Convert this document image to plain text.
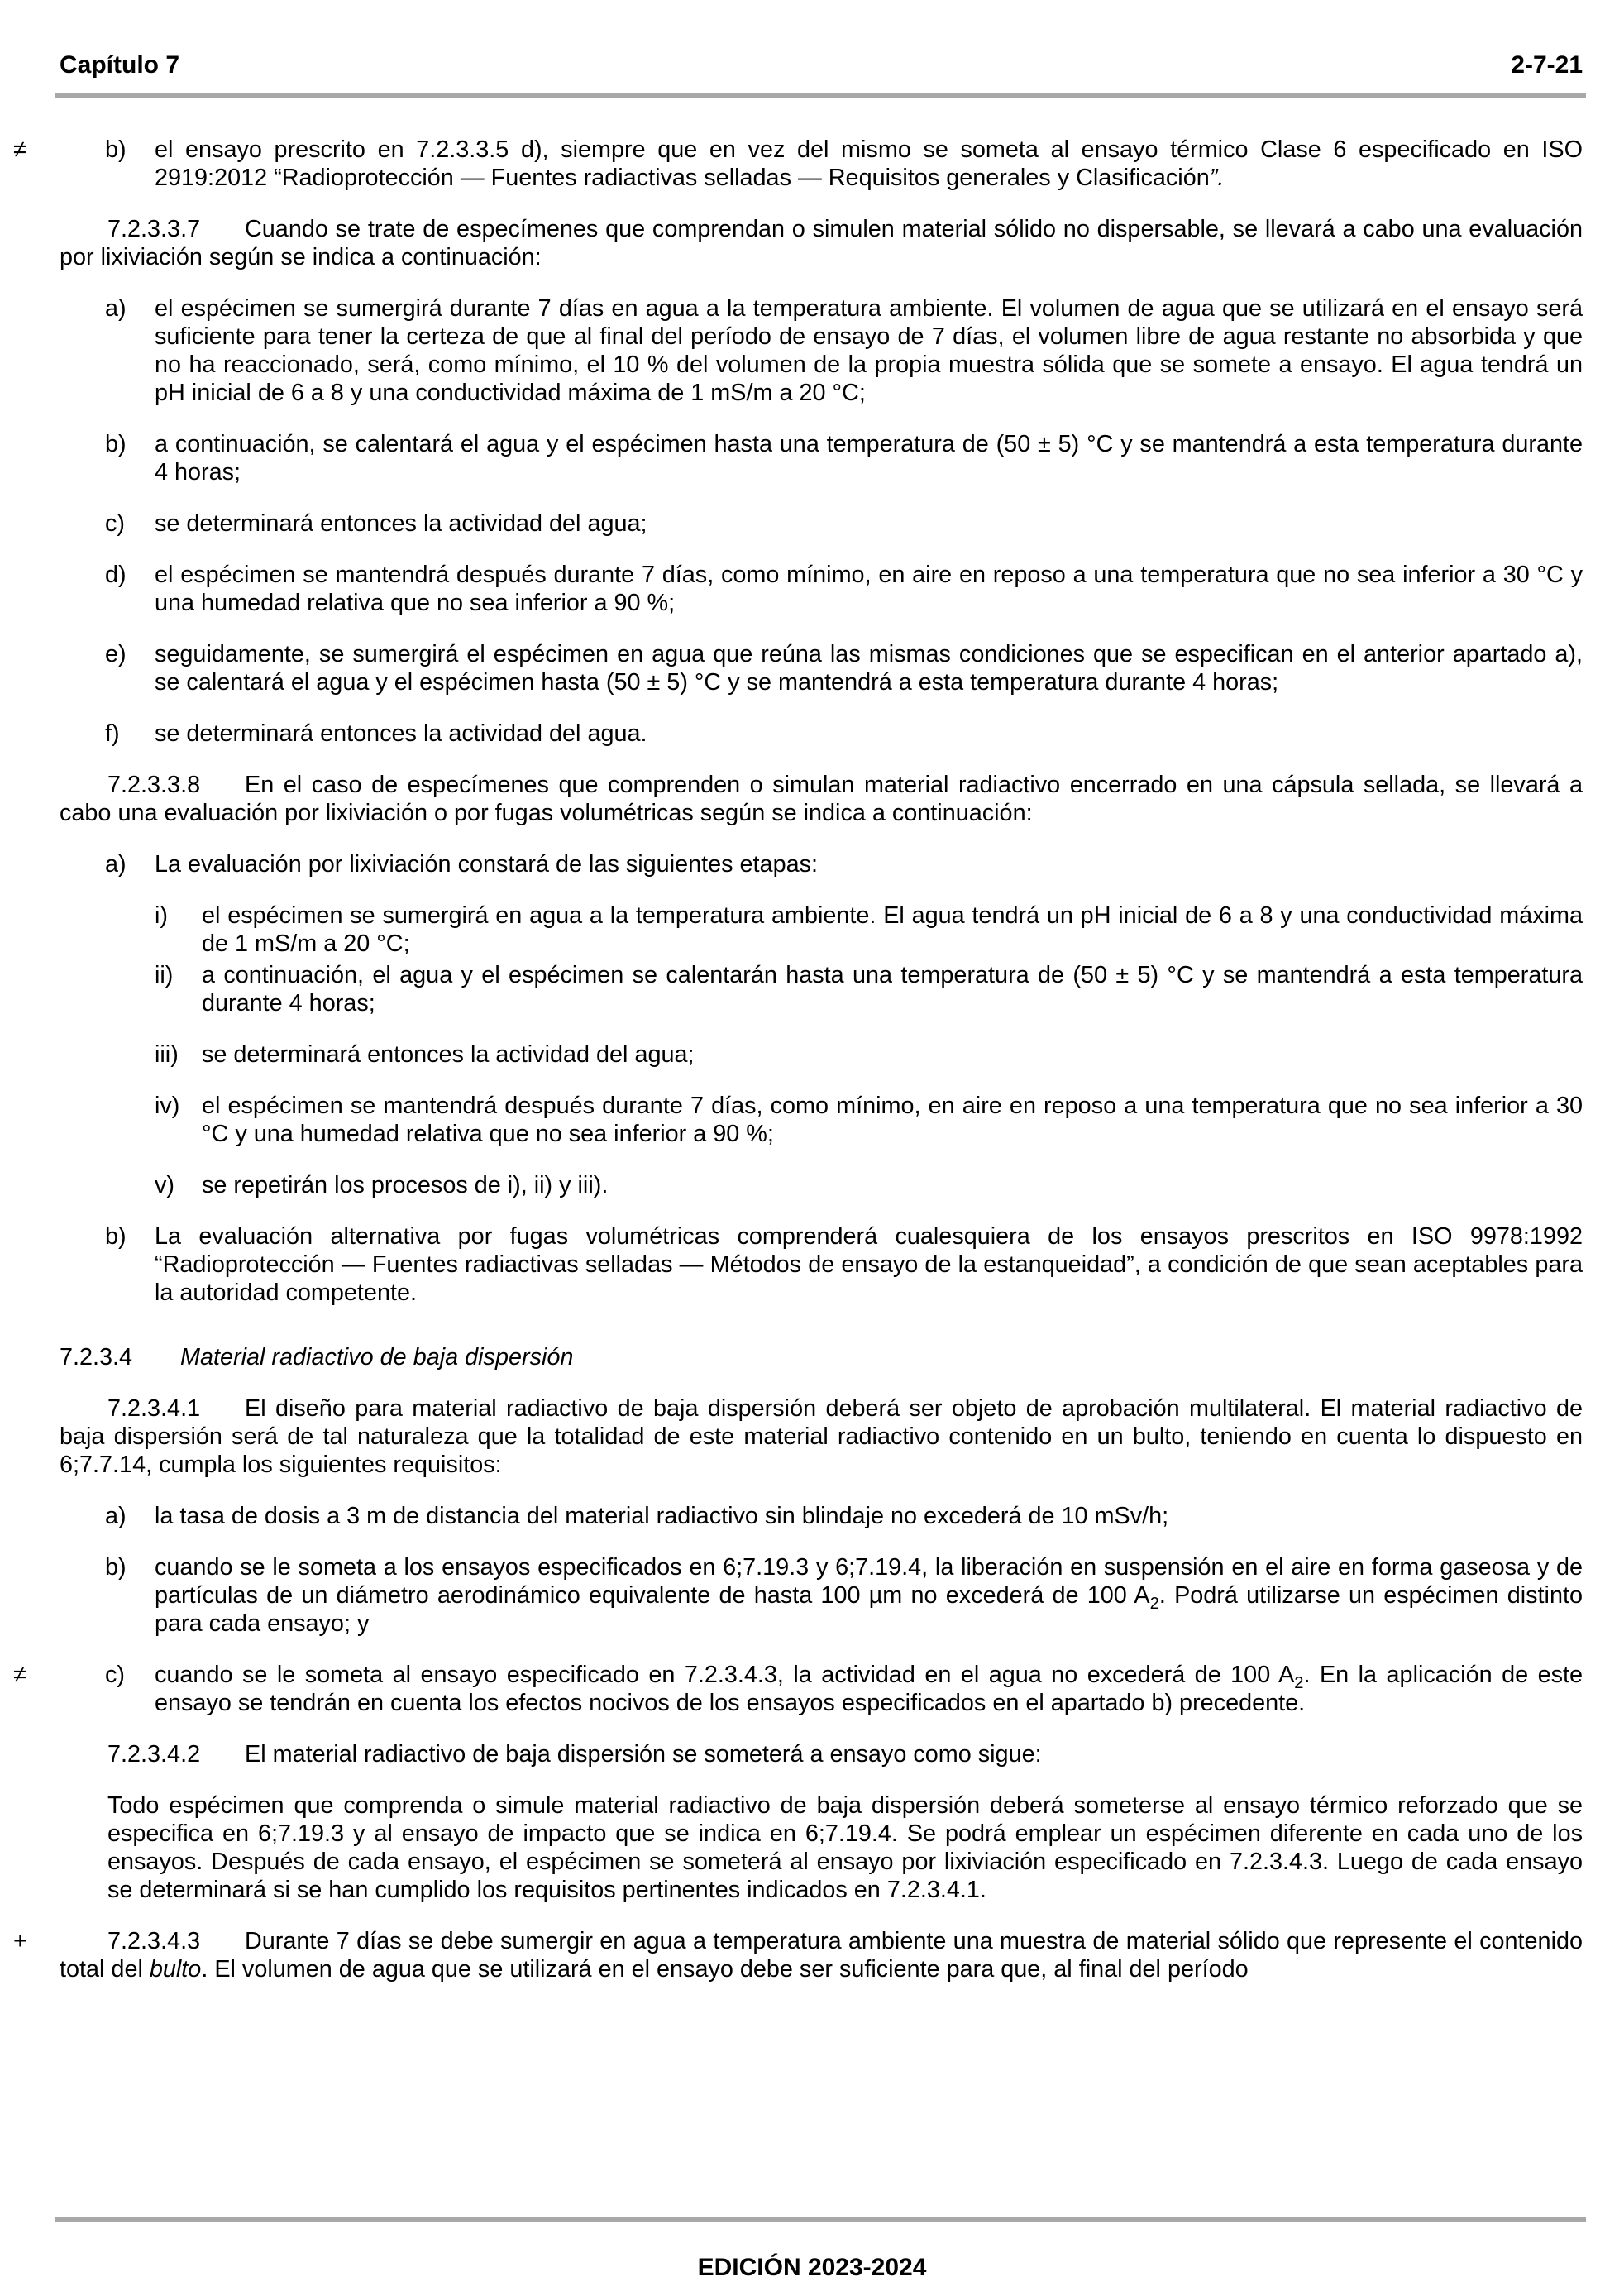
Capítulo 7	2-7-21
≠	b) el ensayo prescrito en 7.2.3.3.5 d), siempre que en vez del mismo se someta al ensayo térmico Clase 6 especificado en ISO 2919:2012 “Radioprotección — Fuentes radiactivas selladas — Requisitos generales y Clasificación”.
7.2.3.3.7 Cuando se trate de especímenes que comprendan o simulen material sólido no dispersable, se llevará a cabo una evaluación por lixiviación según se indica a continuación:
a) el espécimen se sumergirá durante 7 días en agua a la temperatura ambiente. El volumen de agua que se utilizará en el ensayo será suficiente para tener la certeza de que al final del período de ensayo de 7 días, el volumen libre de agua restante no absorbida y que no ha reaccionado, será, como mínimo, el 10 % del volumen de la propia muestra sólida que se somete a ensayo. El agua tendrá un pH inicial de 6 a 8 y una conductividad máxima de 1 mS/m a 20 °C;
b) a continuación, se calentará el agua y el espécimen hasta una temperatura de (50 ± 5) °C y se mantendrá a esta temperatura durante 4 horas;
c) se determinará entonces la actividad del agua;
d) el espécimen se mantendrá después durante 7 días, como mínimo, en aire en reposo a una temperatura que no sea inferior a 30 °C y una humedad relativa que no sea inferior a 90 %;
e) seguidamente, se sumergirá el espécimen en agua que reúna las mismas condiciones que se especifican en el anterior apartado a), se calentará el agua y el espécimen hasta (50 ± 5) °C y se mantendrá a esta temperatura durante 4 horas;
f) se determinará entonces la actividad del agua.
7.2.3.3.8 En el caso de especímenes que comprenden o simulan material radiactivo encerrado en una cápsula sellada, se llevará a cabo una evaluación por lixiviación o por fugas volumétricas según se indica a continuación:
a) La evaluación por lixiviación constará de las siguientes etapas:
i) el espécimen se sumergirá en agua a la temperatura ambiente. El agua tendrá un pH inicial de 6 a 8 y una conductividad máxima de 1 mS/m a 20 °C;
ii) a continuación, el agua y el espécimen se calentarán hasta una temperatura de (50 ± 5) °C y se mantendrá a esta temperatura durante 4 horas;
iii) se determinará entonces la actividad del agua;
iv) el espécimen se mantendrá después durante 7 días, como mínimo, en aire en reposo a una temperatura que no sea inferior a 30 °C y una humedad relativa que no sea inferior a 90 %;
v) se repetirán los procesos de i), ii) y iii).
b) La evaluación alternativa por fugas volumétricas comprenderá cualesquiera de los ensayos prescritos en ISO 9978:1992 “Radioprotección — Fuentes radiactivas selladas — Métodos de ensayo de la estanqueidad”, a condición de que sean aceptables para la autoridad competente.
7.2.3.4 Material radiactivo de baja dispersión
7.2.3.4.1 El diseño para material radiactivo de baja dispersión deberá ser objeto de aprobación multilateral. El material radiactivo de baja dispersión será de tal naturaleza que la totalidad de este material radiactivo contenido en un bulto, teniendo en cuenta lo dispuesto en 6;7.7.14, cumpla los siguientes requisitos:
a) la tasa de dosis a 3 m de distancia del material radiactivo sin blindaje no excederá de 10 mSv/h;
b) cuando se le someta a los ensayos especificados en 6;7.19.3 y 6;7.19.4, la liberación en suspensión en el aire en forma gaseosa y de partículas de un diámetro aerodinámico equivalente de hasta 100 µm no excederá de 100 $A_2$. Podrá utilizarse un espécimen distinto para cada ensayo; y
≠	c) cuando se le someta al ensayo especificado en 7.2.3.4.3, la actividad en el agua no excederá de 100 $A_2$. En la aplicación de este ensayo se tendrán en cuenta los efectos nocivos de los ensayos especificados en el apartado b) precedente.
7.2.3.4.2 El material radiactivo de baja dispersión se someterá a ensayo como sigue:
Todo espécimen que comprenda o simule material radiactivo de baja dispersión deberá someterse al ensayo térmico reforzado que se especifica en 6;7.19.3 y al ensayo de impacto que se indica en 6;7.19.4. Se podrá emplear un espécimen diferente en cada uno de los ensayos. Después de cada ensayo, el espécimen se someterá al ensayo por lixiviación especificado en 7.2.3.4.3. Luego de cada ensayo se determinará si se han cumplido los requisitos pertinentes indicados en 7.2.3.4.1.
+	7.2.3.4.3 Durante 7 días se debe sumergir en agua a temperatura ambiente una muestra de material sólido que represente el contenido total del bulto. El volumen de agua que se utilizará en el ensayo debe ser suficiente para que, al final del período
EDICIÓN 2023-2024
